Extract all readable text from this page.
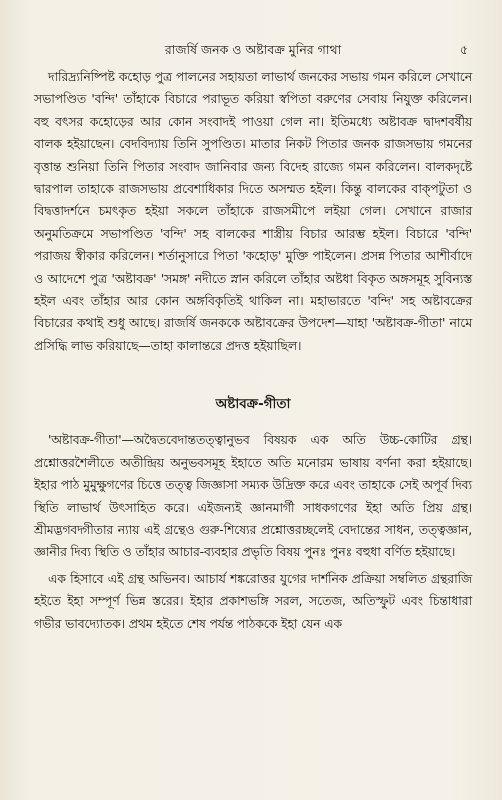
রাজর্ষি জনক ও অষ্টাবক্র মুনির গাথা	৫

দারিদ্র্যনিষ্পিষ্ট কহোড় পুত্র পালনের সহায়তা লাভার্থ জনকের সভায় গমন করিলে সেখানে সভাপণ্ডিত 'বন্দি' তাঁহাকে বিচারে পরাভূত করিয়া স্বপিতা বরুণের সেবায় নিযুক্ত করিলেন। বহু বৎসর কহোড়ের আর কোন সংবাদই পাওয়া গেল না। ইতিমধ্যে অষ্টাবক্র দ্বাদশবর্ষীয় বালক হইয়াছেন। বেদবিদ্যায় তিনি সুপণ্ডিত। মাতার নিকট পিতার জনক রাজসভায় গমনের বৃত্তান্ত শুনিয়া তিনি পিতার সংবাদ জানিবার জন্য বিদেহ রাজ্যে গমন করিলেন। বালকদৃষ্টে দ্বারপাল তাহাকে রাজসভায় প্রবেশাধিকার দিতে অসম্মত হইল। কিন্তু বালকের বাক্পটুতা ও বিদ্বত্তাদর্শনে চমৎকৃত হইয়া সকলে তাঁহাকে রাজসমীপে লইয়া গেল। সেখানে রাজার অনুমতিক্রমে সভাপণ্ডিত 'বন্দি' সহ বালকের শাস্ত্রীয় বিচার আরম্ভ হইল। বিচারে 'বন্দি' পরাজয় স্বীকার করিলেন। শর্তানুসারে পিতা 'কহোড়' মুক্তি পাইলেন। প্রসন্ন পিতার আশীর্বাদে ও আদেশে পুত্র 'অষ্টাবক্র' 'সমঙ্গ' নদীতে স্নান করিলে তাঁহার অষ্টধা বিকৃত অঙ্গসমূহ সুবিন্যস্ত হইল এবং তাঁহার আর কোন অঙ্গবিকৃতিই থাকিল না। মহাভারতে 'বন্দি' সহ অষ্টাবক্রের বিচারের কথাই শুধু আছে। রাজর্ষি জনককে অষ্টাবক্রের উপদেশ—যাহা 'অষ্টাবক্র-গীতা' নামে প্রসিদ্ধি লাভ করিয়াছে—তাহা কালান্তরে প্রদত্ত হইয়াছিল।

অষ্টাবক্র-গীতা

'অষ্টাবক্র-গীতা'—অদ্বৈতবেদান্ততত্ত্বানুভব বিষয়ক এক অতি উচ্চ-কোটির গ্রন্থ। প্রশ্নোত্তরশৈলীতে অতীন্দ্রিয় অনুভবসমূহ ইহাতে অতি মনোরম ভাষায় বর্ণনা করা হইয়াছে। ইহার পাঠ মুমুক্ষুগণের চিত্তে তত্ত্ব জিজ্ঞাসা সম্যক উদ্রিক্ত করে এবং তাহাকে সেই অপূর্ব দিব্য স্থিতি লাভার্থ উৎসাহিত করে। এইজন্যই জ্ঞানমার্গী সাধকগণের ইহা অতি প্রিয় গ্রন্থ। শ্রীমদ্ভগবদ্গীতার ন্যায় এই গ্রন্থেও গুরু-শিষ্যের প্রশ্নোত্তরচ্ছলেই বেদান্তের সাধন, তত্ত্বজ্ঞান, জ্ঞানীর দিব্য স্থিতি ও তাঁহার আচার-ব্যবহার প্রভৃতি বিষয় পুনঃ পুনঃ বহুধা বর্ণিত হইয়াছে।

এক হিসাবে এই গ্রন্থ অভিনব। আচার্য শঙ্করোত্তর যুগের দার্শনিক প্রক্রিয়া সম্বলিত গ্রন্থরাজি হইতে ইহা সম্পূর্ণ ভিন্ন স্তরের। ইহার প্রকাশভঙ্গি সরল, সতেজ, অতিস্ফুট এবং চিন্তাধারা গভীর ভাবদ্যোতক। প্রথম হইতে শেষ পর্যন্ত পাঠককে ইহা যেন এক
